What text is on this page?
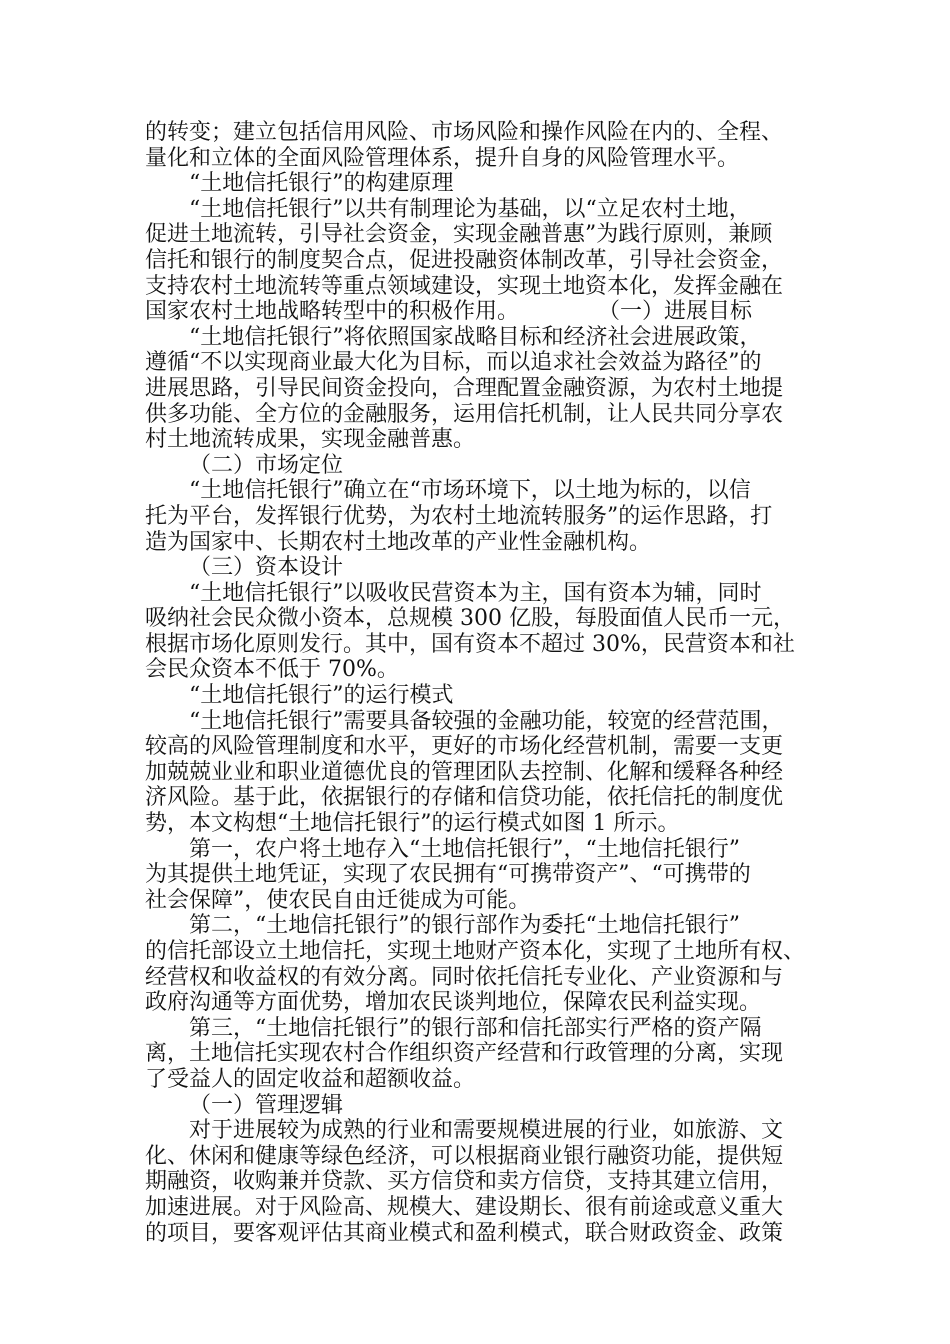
的转变；建立包括信用风险、市场风险和操作风险在内的、全程、
量化和立体的全面风险管理体系，提升自身的风险管理水平。
“土地信托银行”的构建原理
“土地信托银行”以共有制理论为基础，以“立足农村土地，
促进土地流转，引导社会资金，实现金融普惠”为践行原则，兼顾
信托和银行的制度契合点，促进投融资体制改革，引导社会资金，
支持农村土地流转等重点领域建设，实现土地资本化，发挥金融在
国家农村土地战略转型中的积极作用。
“土地信托银行”将依照国家战略目标和经济社会进展政策，
遵循“不以实现商业最大化为目标，而以追求社会效益为路径”的
进展思路，引导民间资金投向，合理配置金融资源，为农村土地提
供多功能、全方位的金融服务，运用信托机制，让人民共同分享农
村土地流转成果，实现金融普惠。
（二）市场定位
“土地信托银行”确立在“市场环境下，以土地为标的，以信
托为平台，发挥银行优势，为农村土地流转服务”的运作思路，打
造为国家中、长期农村土地改革的产业性金融机构。
（三）资本设计
“土地信托银行”以吸收民营资本为主，国有资本为辅，同时
吸纳社会民众微小资本，总规模 300 亿股，每股面值人民币一元，
根据市场化原则发行。其中，国有资本不超过 30%，民营资本和社
会民众资本不低于 70%。
“土地信托银行”的运行模式
“土地信托银行”需要具备较强的金融功能，较宽的经营范围，
较高的风险管理制度和水平，更好的市场化经营机制，需要一支更
加兢兢业业和职业道德优良的管理团队去控制、化解和缓释各种经
济风险。基于此，依据银行的存储和信贷功能，依托信托的制度优
势，本文构想“土地信托银行”的运行模式如图 1 所示。
第一，农户将土地存入“土地信托银行”，“土地信托银行”
为其提供土地凭证，实现了农民拥有“可携带资产”、“可携带的
社会保障”，使农民自由迁徙成为可能。
第二，“土地信托银行”的银行部作为委托“土地信托银行”
的信托部设立土地信托，实现土地财产资本化，实现了土地所有权、
经营权和收益权的有效分离。同时依托信托专业化、产业资源和与
政府沟通等方面优势，增加农民谈判地位，保障农民利益实现。
第三，“土地信托银行”的银行部和信托部实行严格的资产隔
离，土地信托实现农村合作组织资产经营和行政管理的分离，实现
了受益人的固定收益和超额收益。
（一）管理逻辑
对于进展较为成熟的行业和需要规模进展的行业，如旅游、文
化、休闲和健康等绿色经济，可以根据商业银行融资功能，提供短
期融资，收购兼并贷款、买方信贷和卖方信贷，支持其建立信用，
加速进展。对于风险高、规模大、建设期长、很有前途或意义重大
的项目，要客观评估其商业模式和盈利模式，联合财政资金、政策
（一）进展目标
